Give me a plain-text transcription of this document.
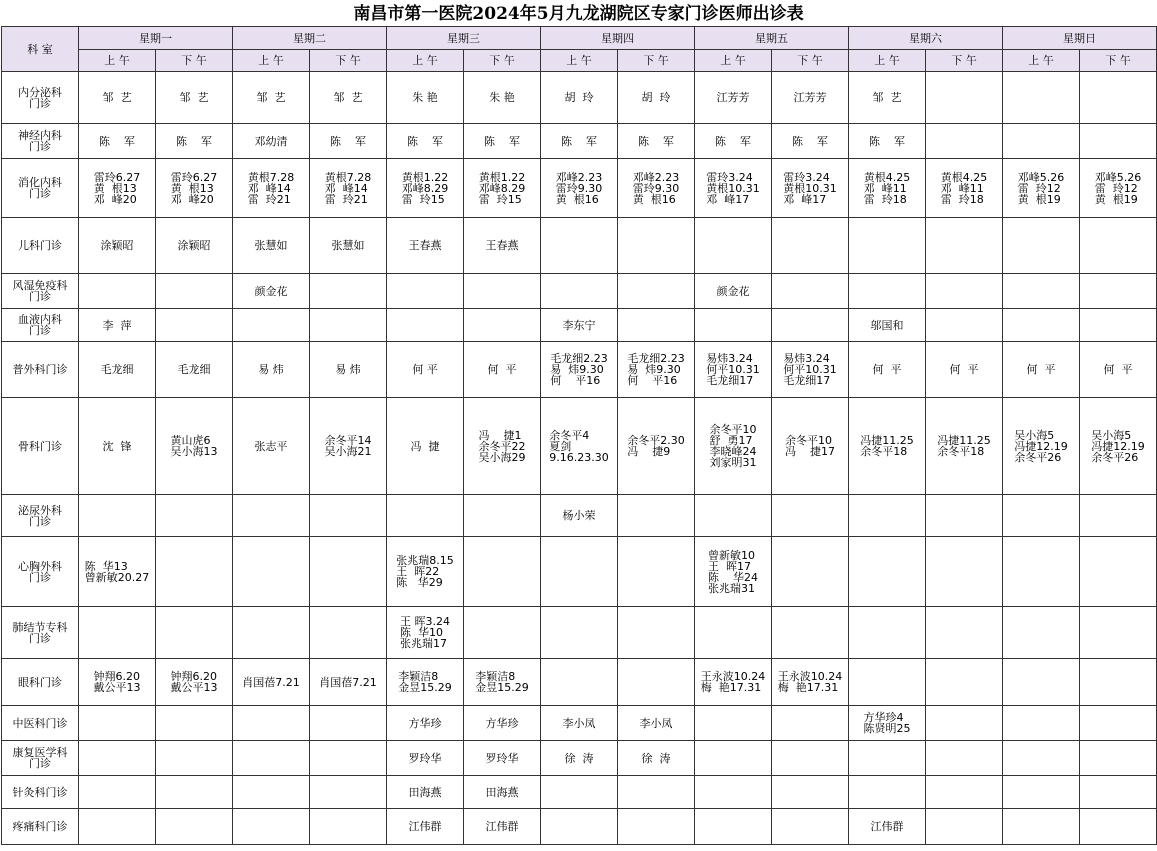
南昌市第一医院2024年5月九龙湖院区专家门诊医师出诊表
科 室	星期一		星期二		星期三		星期四		星期五		星期六		星期日	
	上 午	下 午	上 午	下 午	上 午	下 午	上 午	下 午	上 午	下 午	上 午	下 午	上 午	下 午
内分泌科
门诊	邹  艺	邹  艺	邹  艺	邹  艺	朱 艳	朱 艳	胡  玲	胡  玲	江芳芳	江芳芳	邹  艺			
神经内科
门诊	陈    军	陈    军	邓幼清	陈    军	陈    军	陈    军	陈    军	陈    军	陈    军	陈    军	陈    军			
消化内科
门诊	雷玲6.27
黄  根13
邓  峰20	雷玲6.27
黄  根13
邓  峰20	黄根7.28
邓  峰14
雷  玲21	黄根7.28
邓  峰14
雷  玲21	黄根1.22
邓峰8.29
雷  玲15	黄根1.22
邓峰8.29
雷  玲15	邓峰2.23
雷玲9.30
黄  根16	邓峰2.23
雷玲9.30
黄  根16	雷玲3.24
黄根10.31
邓  峰17	雷玲3.24
黄根10.31
邓  峰17	黄根4.25
邓  峰11
雷  玲18	黄根4.25
邓  峰11
雷  玲18	邓峰5.26
雷  玲12
黄  根19	邓峰5.26
雷  玲12
黄  根19
儿科门诊	涂颖昭	涂颖昭	张慧如	张慧如	王春燕	王春燕								
风湿免疫科
门诊			颜金花						颜金花					
血液内科
门诊	李  萍						李东宁				邬国和			
普外科门诊	毛龙细	毛龙细	易 炜	易 炜	何 平	何  平	毛龙细2.23
易  炜9.30
何    平16	毛龙细2.23
易  炜9.30
何    平16	易炜3.24
何平10.31
毛龙细17	易炜3.24
何平10.31
毛龙细17	何  平	何  平	何  平	何  平
骨科门诊	沈  锋	黄山虎6
吴小海13	张志平	余冬平14
吴小海21	冯  捷	冯    捷1
余冬平22
吴小海29	余冬平4
夏剑
9.16.23.30	余冬平2.30
冯    捷9	余冬平10
舒  勇17
李晓峰24
刘家明31	余冬平10
冯    捷17	冯捷11.25
余冬平18	冯捷11.25
余冬平18	吴小海5
冯捷12.19
余冬平26	吴小海5
冯捷12.19
余冬平26
泌尿外科
门诊							杨小荣							
心胸外科
门诊	陈  华13
曾新敏20.27				张兆瑞8.15
王  晖22
陈   华29				曾新敏10
王  晖17
陈    华24
张兆瑞31					
肺结节专科
门诊					王 晖3.24
陈  华10
张兆瑞17									
眼科门诊	钟翔6.20
戴公平13	钟翔6.20
戴公平13	肖国蓓7.21	肖国蓓7.21	李颖洁8
金昱15.29	李颖洁8
金昱15.29			王永波10.24
梅  艳17.31	王永波10.24
梅  艳17.31				
中医科门诊					方华珍	方华珍	李小凤	李小凤			方华珍4
陈贤明25			
康复医学科
门诊					罗玲华	罗玲华	徐  涛	徐  涛						
针灸科门诊					田海燕	田海燕								
疼痛科门诊					江伟群	江伟群					江伟群			
